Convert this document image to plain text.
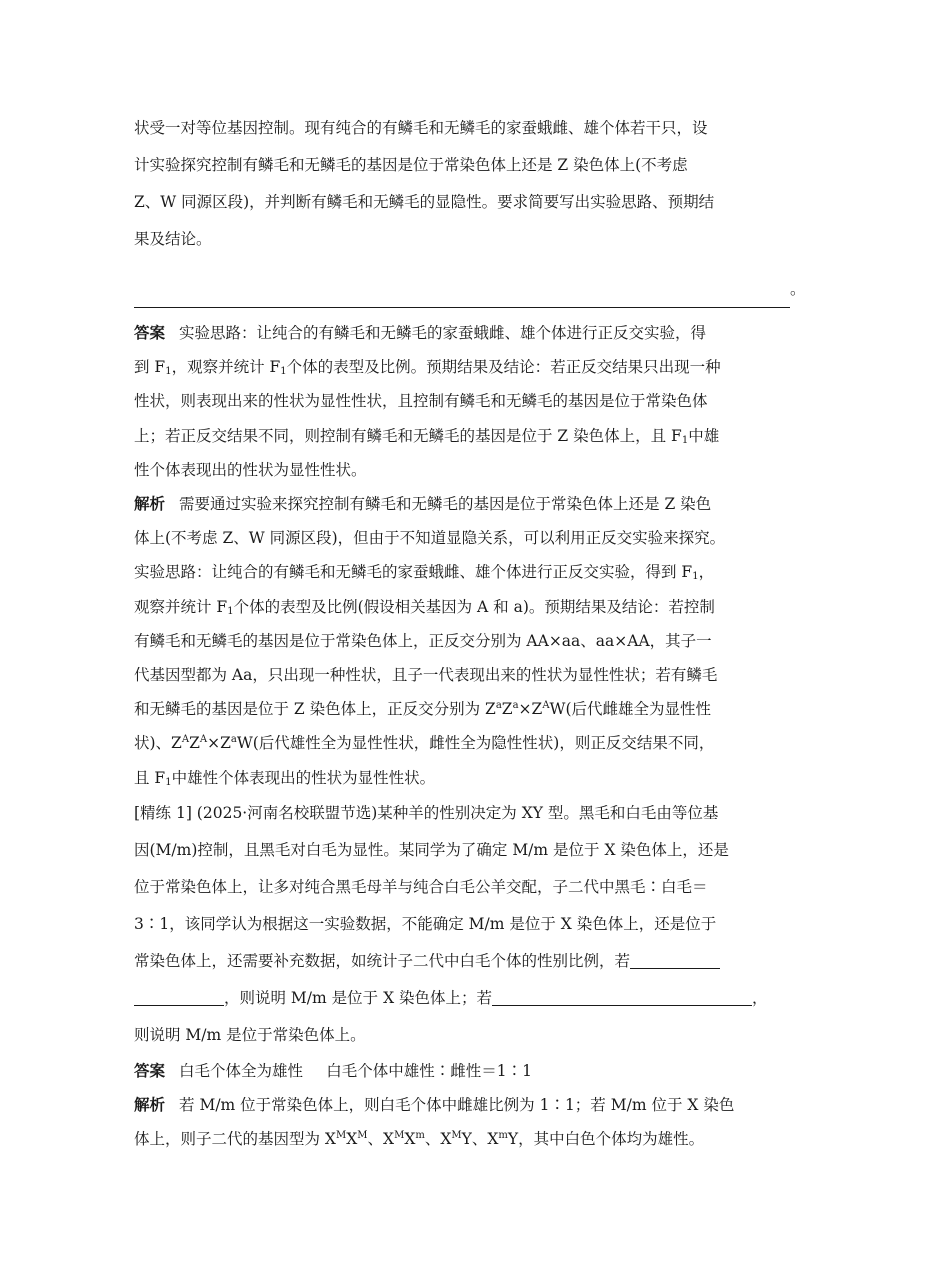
状受一对等位基因控制。现有纯合的有鳞毛和无鳞毛的家蚕蛾雌、雄个体若干只，设
计实验探究控制有鳞毛和无鳞毛的基因是位于常染色体上还是 Z 染色体上(不考虑
Z、W 同源区段)，并判断有鳞毛和无鳞毛的显隐性。要求简要写出实验思路、预期结
果及结论。
。
答案 实验思路：让纯合的有鳞毛和无鳞毛的家蚕蛾雌、雄个体进行正反交实验，得
到 $F_1$，观察并统计 $F_1$个体的表型及比例。预期结果及结论：若正反交结果只出现一种
性状，则表现出来的性状为显性性状，且控制有鳞毛和无鳞毛的基因是位于常染色体
上；若正反交结果不同，则控制有鳞毛和无鳞毛的基因是位于 Z 染色体上，且 $F_1$中雄
性个体表现出的性状为显性性状。
解析 需要通过实验来探究控制有鳞毛和无鳞毛的基因是位于常染色体上还是 Z 染色
体上(不考虑 Z、W 同源区段)，但由于不知道显隐关系，可以利用正反交实验来探究。
实验思路：让纯合的有鳞毛和无鳞毛的家蚕蛾雌、雄个体进行正反交实验，得到 $F_1$，
观察并统计 $F_1$个体的表型及比例(假设相关基因为 A 和 a)。预期结果及结论：若控制
有鳞毛和无鳞毛的基因是位于常染色体上，正反交分别为 AA×aa、aa×AA，其子一
代基因型都为 Aa，只出现一种性状，且子一代表现出来的性状为显性性状；若有鳞毛
和无鳞毛的基因是位于 Z 染色体上，正反交分别为 $Z^aZ^a\times Z^AW$(后代雌雄全为显性性
状)、$Z^AZ^A\times Z^aW$(后代雄性全为显性性状，雌性全为隐性性状)，则正反交结果不同，
且 $F_1$中雄性个体表现出的性状为显性性状。
[精练 1] (2025·河南名校联盟节选)某种羊的性别决定为 XY 型。黑毛和白毛由等位基
因(M/m)控制，且黑毛对白毛为显性。某同学为了确定 M/m 是位于 X 染色体上，还是
位于常染色体上，让多对纯合黑毛母羊与纯合白毛公羊交配，子二代中黑毛∶白毛＝
3∶1，该同学认为根据这一实验数据，不能确定 M/m 是位于 X 染色体上，还是位于
常染色体上，还需要补充数据，如统计子二代中白毛个体的性别比例，若
，则说明 M/m 是位于 X 染色体上；若	，
则说明 M/m 是位于常染色体上。
答案 白毛个体全为雄性 白毛个体中雄性∶雌性＝1∶1
解析 若 M/m 位于常染色体上，则白毛个体中雌雄比例为 1∶1；若 M/m 位于 X 染色
体上，则子二代的基因型为 $X^MX^M$、$X^MX^m$、$X^MY$、$X^mY$，其中白色个体均为雄性。
